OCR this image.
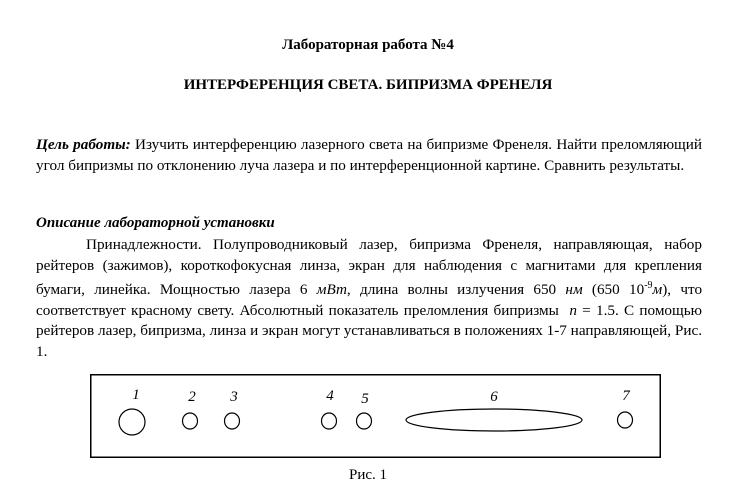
Лабораторная работа №4
ИНТЕРФЕРЕНЦИЯ СВЕТА. БИПРИЗМА ФРЕНЕЛЯ
Цель работы: Изучить интерференцию лазерного света на бипризме Френеля. Найти преломляющий угол бипризмы по отклонению луча лазера и по интерференционной картине. Сравнить результаты.
Описание лабораторной установки
Принадлежности. Полупроводниковый лазер, бипризма Френеля, направляющая, набор рейтеров (зажимов), короткофокусная линза, экран для наблюдения с магнитами для крепления бумаги, линейка. Мощностью лазера 6 мВт, длина волны излучения 650 нм (650 $10^{-9}м$), что соответствует красному свету. Абсолютный показатель преломления бипризмы n = 1.5. С помощью рейтеров лазер, бипризма, линза и экран могут устанавливаться в положениях 1-7 направляющей, Рис. 1.
1	2 3	4 5	6	7
Рис. 1
